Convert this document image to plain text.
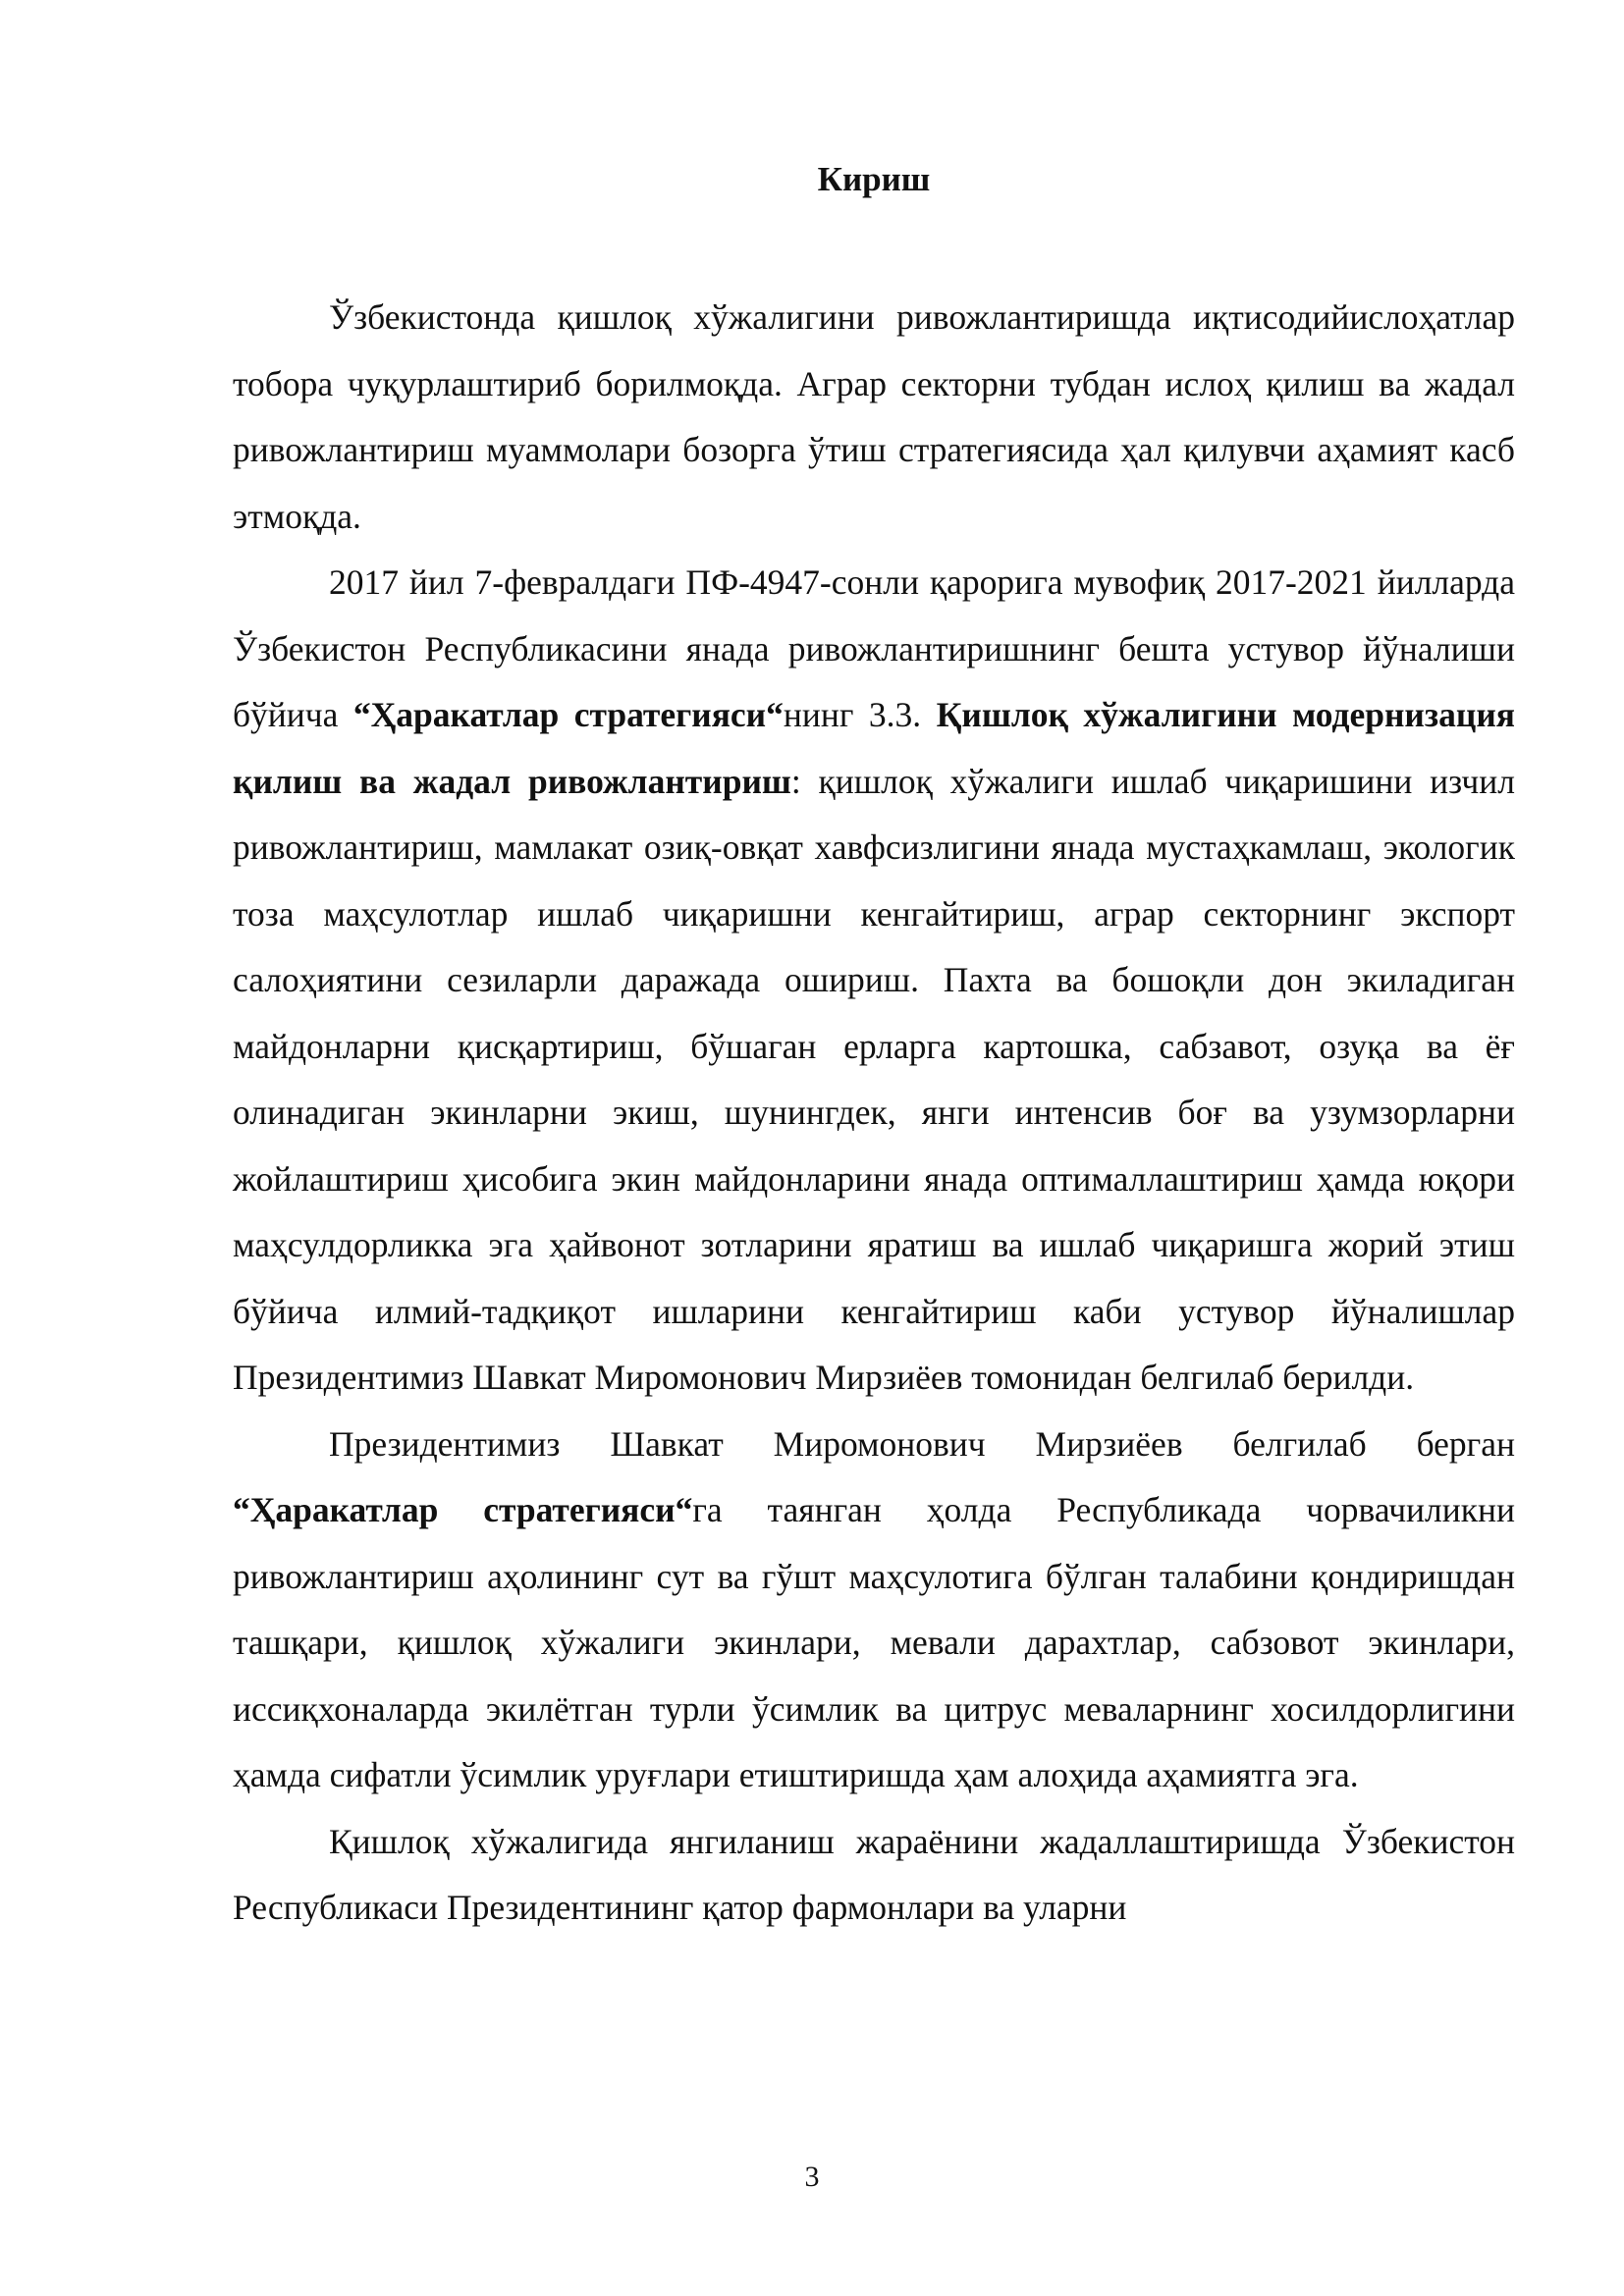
Кириш

Ўзбекистонда қишлоқ хўжалигини ривожлантиришда иқтисодийислоҳатлар тобора чуқурлаштириб борилмоқда. Аграр секторни тубдан ислоҳ қилиш ва жадал ривожлантириш муаммолари бозорга ўтиш стратегиясида ҳал қилувчи аҳамият касб этмоқда.

2017 йил 7-февралдаги ПФ-4947-сонли қарорига мувофиқ 2017-2021 йилларда Ўзбекистон Республикасини янада ривожлантиришнинг бешта устувор йўналиши бўйича “Ҳаракатлар стратегияси“нинг 3.3. Қишлоқ хўжалигини модернизация қилиш ва жадал ривожлантириш: қишлоқ хўжалиги ишлаб чиқаришини изчил ривожлантириш, мамлакат озиқ-овқат хавфсизлигини янада мустаҳкамлаш, экологик тоза маҳсулотлар ишлаб чиқаришни кенгайтириш, аграр секторнинг экспорт салоҳиятини сезиларли даражада ошириш. Пахта ва бошоқли дон экиладиган майдонларни қисқартириш, бўшаган ерларга картошка, сабзавот, озуқа ва ёғ олинадиган экинларни экиш, шунингдек, янги интенсив боғ ва узумзорларни жойлаштириш ҳисобига экин майдонларини янада оптималлаштириш ҳамда юқори маҳсулдорликка эга ҳайвонот зотларини яратиш ва ишлаб чиқаришга жорий этиш бўйича илмий-тадқиқот ишларини кенгайтириш каби устувор йўналишлар Президентимиз Шавкат Миромонович Мирзиёев томонидан белгилаб берилди.

Президентимиз Шавкат Миромонович Мирзиёев белгилаб берган “Ҳаракатлар стратегияси“га таянган ҳолда Республикада чорвачиликни ривожлантириш аҳолининг сут ва гўшт маҳсулотига бўлган талабини қондиришдан ташқари, қишлоқ хўжалиги экинлари, мевали дарахтлар, сабзовот экинлари, иссиқхоналарда экилётган турли ўсимлик ва цитрус меваларнинг хосилдорлигини ҳамда сифатли ўсимлик уруғлари етиштиришда ҳам алоҳида аҳамиятга эга.

Қишлоқ хўжалигида янгиланиш жараёнини жадаллаштиришда Ўзбекистон Республикаси Президентининг қатор фармонлари ва уларни

3
